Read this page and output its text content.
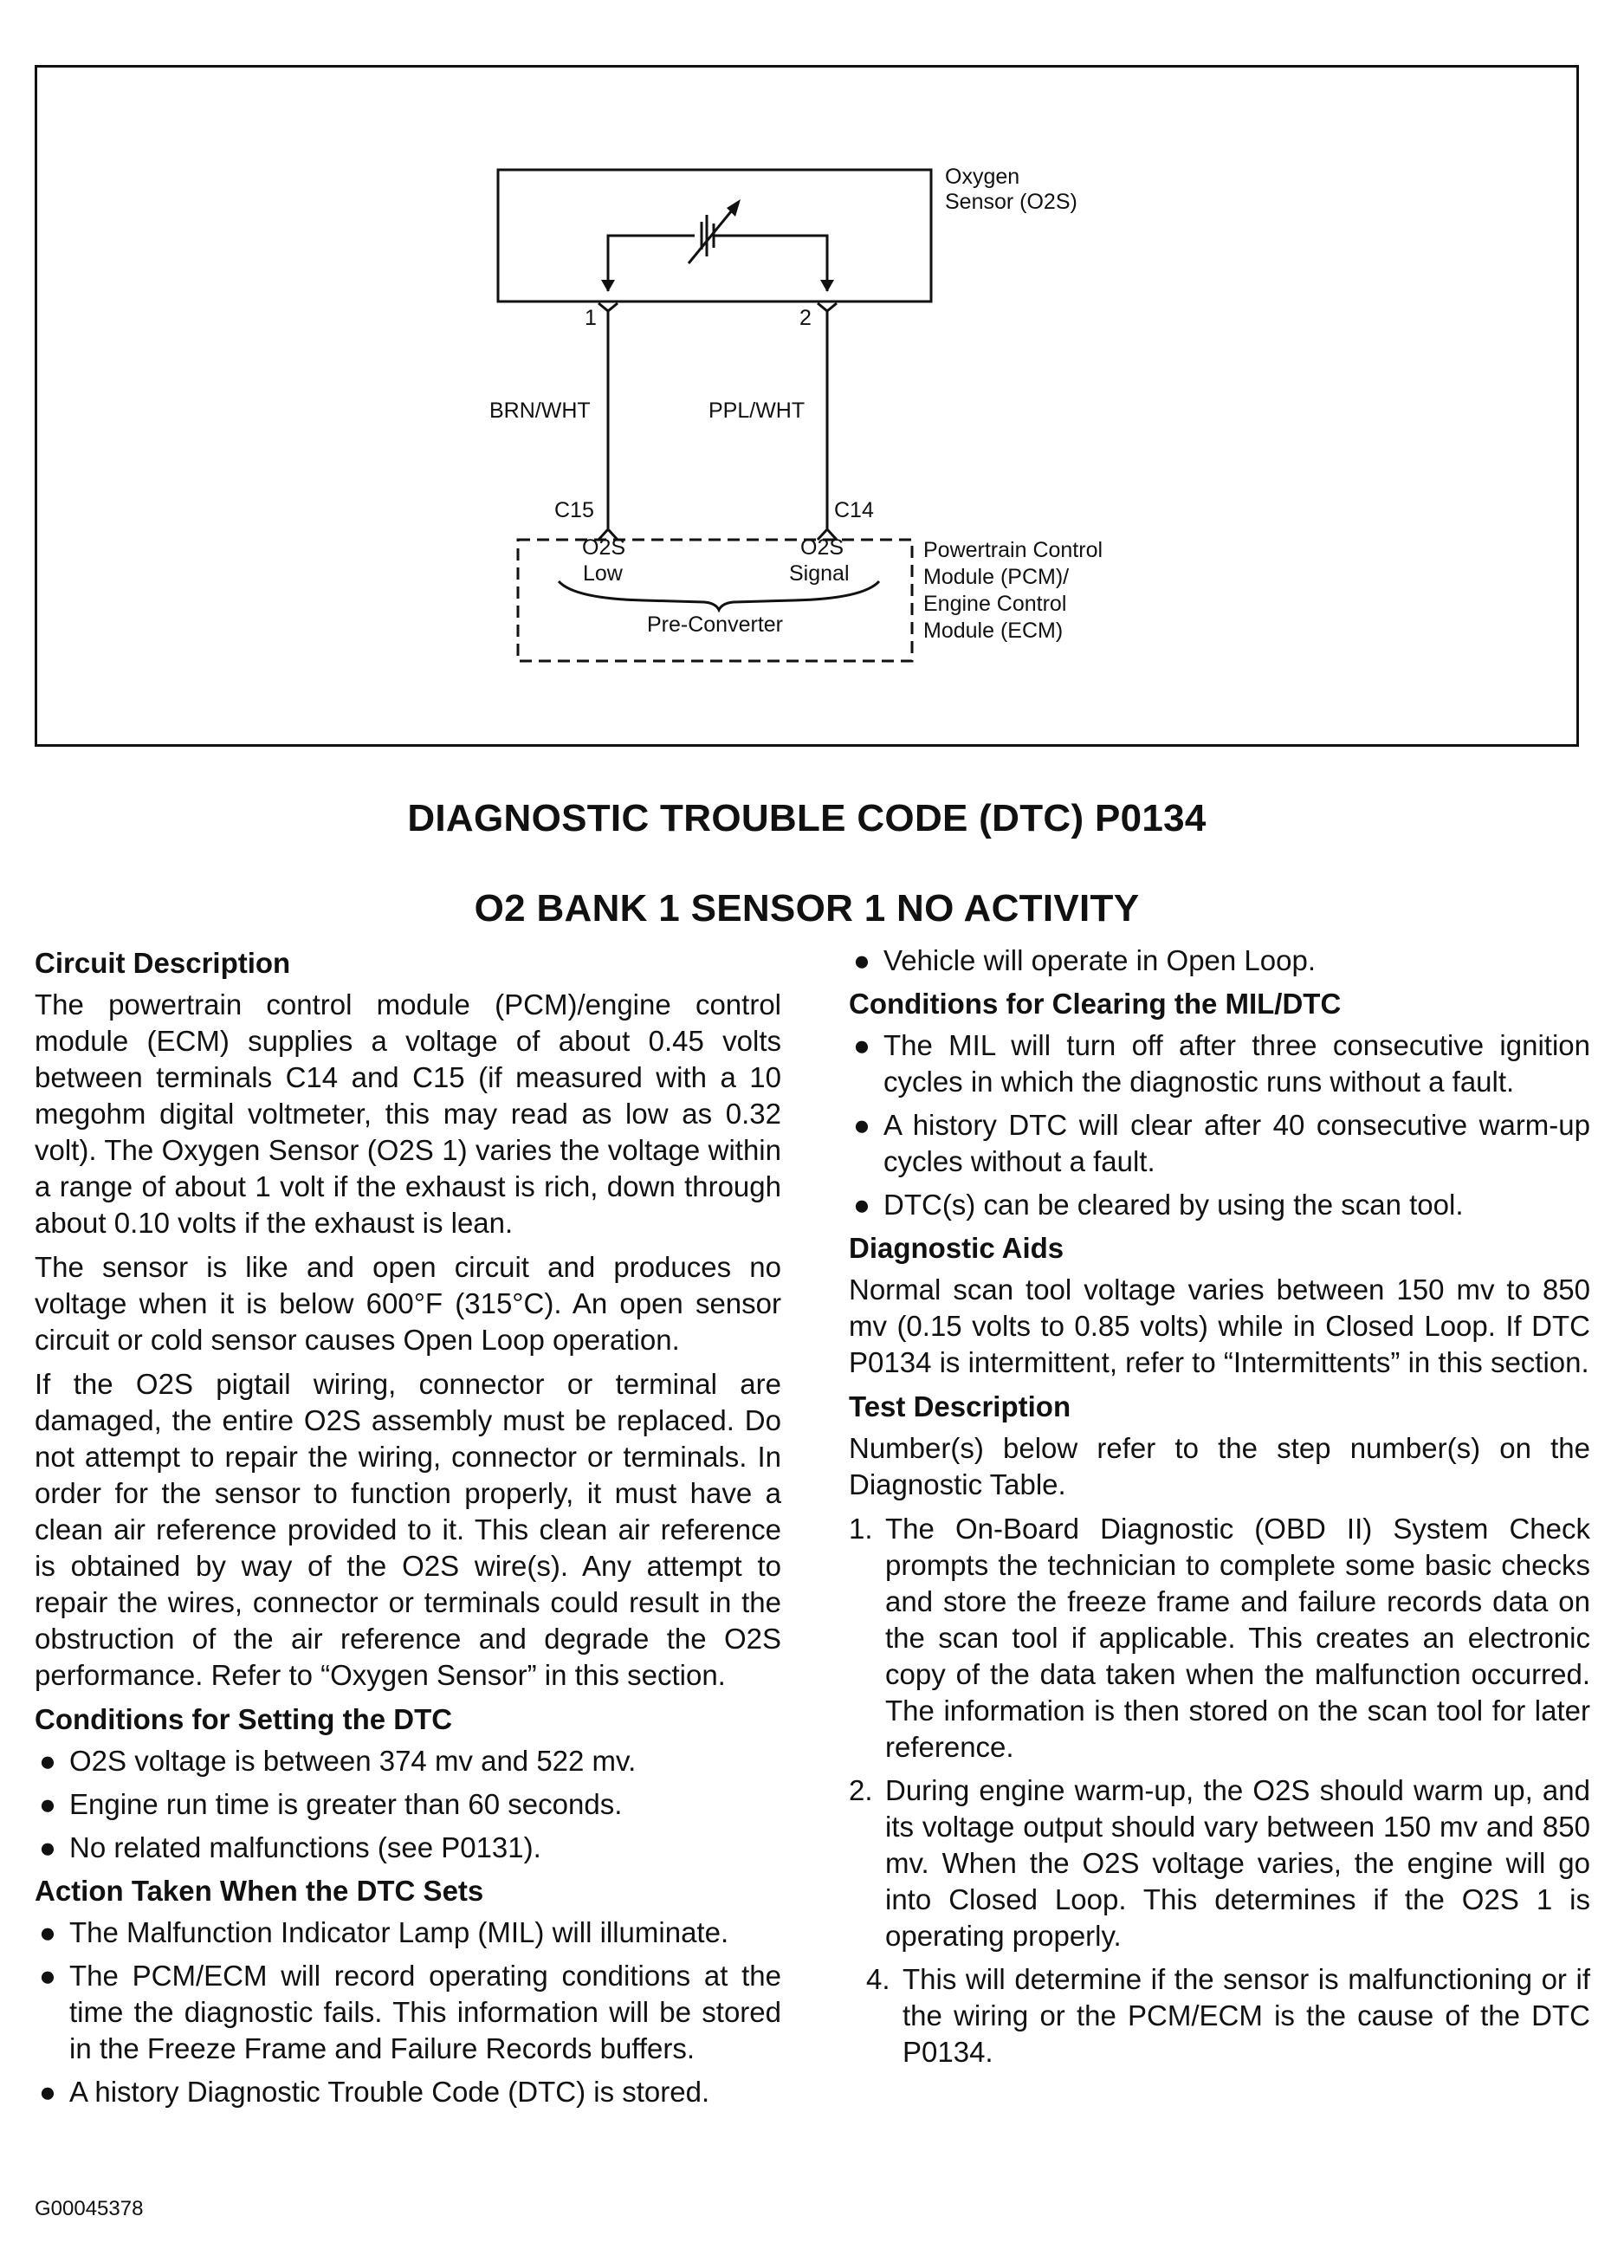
Oxygen
Sensor (O2S)
1	2
BRN/WHT	PPL/WHT
C15	C14
O2S
Low
O2S
Signal
Pre-Converter
Powertrain Control
Module (PCM)/
Engine Control
Module (ECM)
DIAGNOSTIC TROUBLE CODE (DTC) P0134
O2 BANK 1 SENSOR 1 NO ACTIVITY
Circuit Description

The powertrain control module (PCM)/engine control module (ECM) supplies a voltage of about 0.45 volts between terminals C14 and C15 (if measured with a 10 megohm digital voltmeter, this may read as low as 0.32 volt). The Oxygen Sensor (O2S 1) varies the voltage within a range of about 1 volt if the exhaust is rich, down through about 0.10 volts if the exhaust is lean.

The sensor is like and open circuit and produces no voltage when it is below 600°F (315°C). An open sensor circuit or cold sensor causes Open Loop operation.

If the O2S pigtail wiring, connector or terminal are damaged, the entire O2S assembly must be replaced. Do not attempt to repair the wiring, connector or terminals. In order for the sensor to function properly, it must have a clean air reference provided to it. This clean air reference is obtained by way of the O2S wire(s). Any attempt to repair the wires, connector or terminals could result in the obstruction of the air reference and degrade the O2S performance. Refer to “Oxygen Sensor” in this section.

Conditions for Setting the DTC
● O2S voltage is between 374 mv and 522 mv.
● Engine run time is greater than 60 seconds.
● No related malfunctions (see P0131).
Action Taken When the DTC Sets
● The Malfunction Indicator Lamp (MIL) will illuminate.
● The PCM/ECM will record operating conditions at the time the diagnostic fails. This information will be stored in the Freeze Frame and Failure Records buffers.
● A history Diagnostic Trouble Code (DTC) is stored.
● Vehicle will operate in Open Loop.
Conditions for Clearing the MIL/DTC
● The MIL will turn off after three consecutive ignition cycles in which the diagnostic runs without a fault.
● A history DTC will clear after 40 consecutive warm-up cycles without a fault.
● DTC(s) can be cleared by using the scan tool.
Diagnostic Aids

Normal scan tool voltage varies between 150 mv to 850 mv (0.15 volts to 0.85 volts) while in Closed Loop. If DTC P0134 is intermittent, refer to “Intermittents” in this section.

Test Description

Number(s) below refer to the step number(s) on the Diagnostic Table.

1. The On-Board Diagnostic (OBD II) System Check prompts the technician to complete some basic checks and store the freeze frame and failure records data on the scan tool if applicable. This creates an electronic copy of the data taken when the malfunction occurred. The information is then stored on the scan tool for later reference.
2. During engine warm-up, the O2S should warm up, and its voltage output should vary between 150 mv and 850 mv. When the O2S voltage varies, the engine will go into Closed Loop. This determines if the O2S 1 is operating properly.
4. This will determine if the sensor is malfunctioning or if the wiring or the PCM/ECM is the cause of the DTC P0134.
G00045378
